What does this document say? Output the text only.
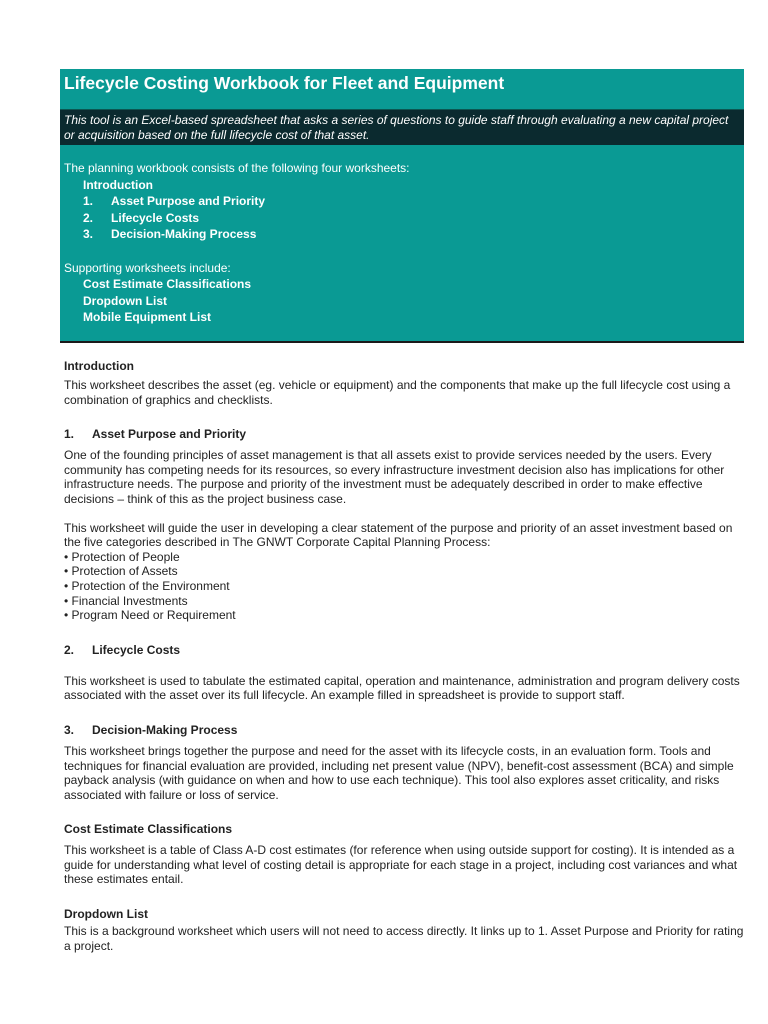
Lifecycle Costing Workbook for Fleet and Equipment
This tool is an Excel-based spreadsheet that asks a series of questions to guide staff through evaluating a new capital project or acquisition based on the full lifecycle cost of that asset.
The planning workbook consists of the following four worksheets:
Introduction
1. Asset Purpose and Priority
2. Lifecycle Costs
3. Decision-Making Process
Supporting worksheets include:
Cost Estimate Classifications
Dropdown List
Mobile Equipment List
Introduction

This worksheet describes the asset (eg. vehicle or equipment) and the components that make up the full lifecycle cost using a combination of graphics and checklists.

1. Asset Purpose and Priority

One of the founding principles of asset management is that all assets exist to provide services needed by the users. Every community has competing needs for its resources, so every infrastructure investment decision also has implications for other infrastructure needs. The purpose and priority of the investment must be adequately described in order to make effective decisions – think of this as the project business case.

This worksheet will guide the user in developing a clear statement of the purpose and priority of an asset investment based on the five categories described in The GNWT Corporate Capital Planning Process:

• Protection of People
• Protection of Assets
• Protection of the Environment
• Financial Investments
• Program Need or Requirement
2. Lifecycle Costs

This worksheet is used to tabulate the estimated capital, operation and maintenance, administration and program delivery costs associated with the asset over its full lifecycle. An example filled in spreadsheet is provide to support staff.

3. Decision-Making Process

This worksheet brings together the purpose and need for the asset with its lifecycle costs, in an evaluation form. Tools and techniques for financial evaluation are provided, including net present value (NPV), benefit-cost assessment (BCA) and simple payback analysis (with guidance on when and how to use each technique). This tool also explores asset criticality, and risks associated with failure or loss of service.

Cost Estimate Classifications

This worksheet is a table of Class A-D cost estimates (for reference when using outside support for costing). It is intended as a guide for understanding what level of costing detail is appropriate for each stage in a project, including cost variances and what these estimates entail.

Dropdown List

This is a background worksheet which users will not need to access directly. It links up to 1. Asset Purpose and Priority for rating a project.
